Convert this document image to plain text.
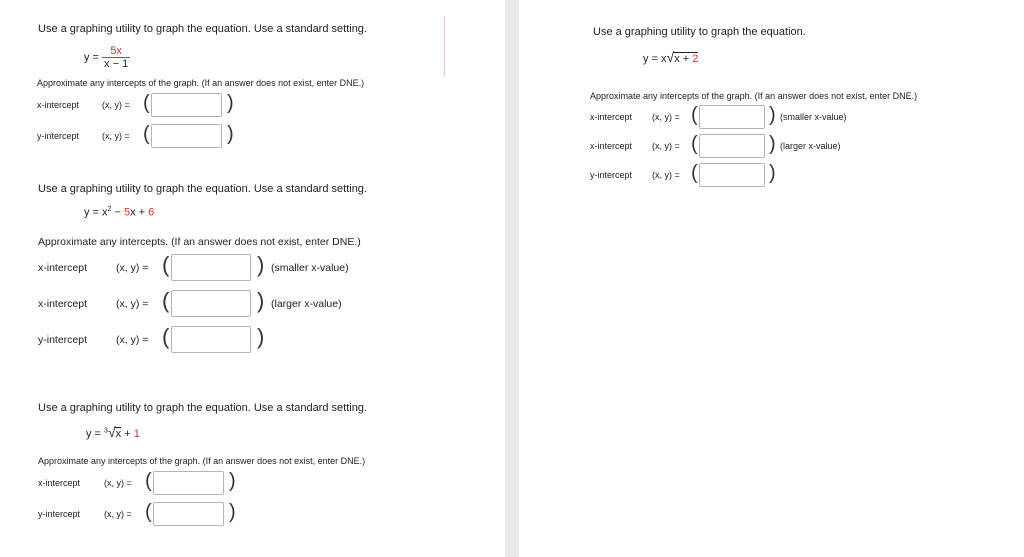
Use a graphing utility to graph the equation. Use a standard setting.
$y = \frac{5x}{x - 1}$
Approximate any intercepts of the graph. (If an answer does not exist, enter DNE.)
x-intercept	(x, y) = (	)
y-intercept	(x, y) = (	)
Use a graphing utility to graph the equation. Use a standard setting.
$y = x^2 - 5x + 6$
Approximate any intercepts. (If an answer does not exist, enter DNE.)
x-intercept	(x, y) = (	) (smaller x-value)
x-intercept	(x, y) = (	) (larger x-value)
y-intercept	(x, y) = (	)
Use a graphing utility to graph the equation. Use a standard setting.
y = $^3$√x + 1
Approximate any intercepts of the graph. (If an answer does not exist, enter DNE.)
x-intercept	(x, y) = (	)
y-intercept	(x, y) = (	)
Use a graphing utility to graph the equation.
y = x√x + 2
Approximate any intercepts of the graph. (If an answer does not exist, enter DNE.)
x-intercept (x, y) = (	) (smaller x-value)
x-intercept (x, y) = (	) (larger x-value)
y-intercept (x, y) = (	)
